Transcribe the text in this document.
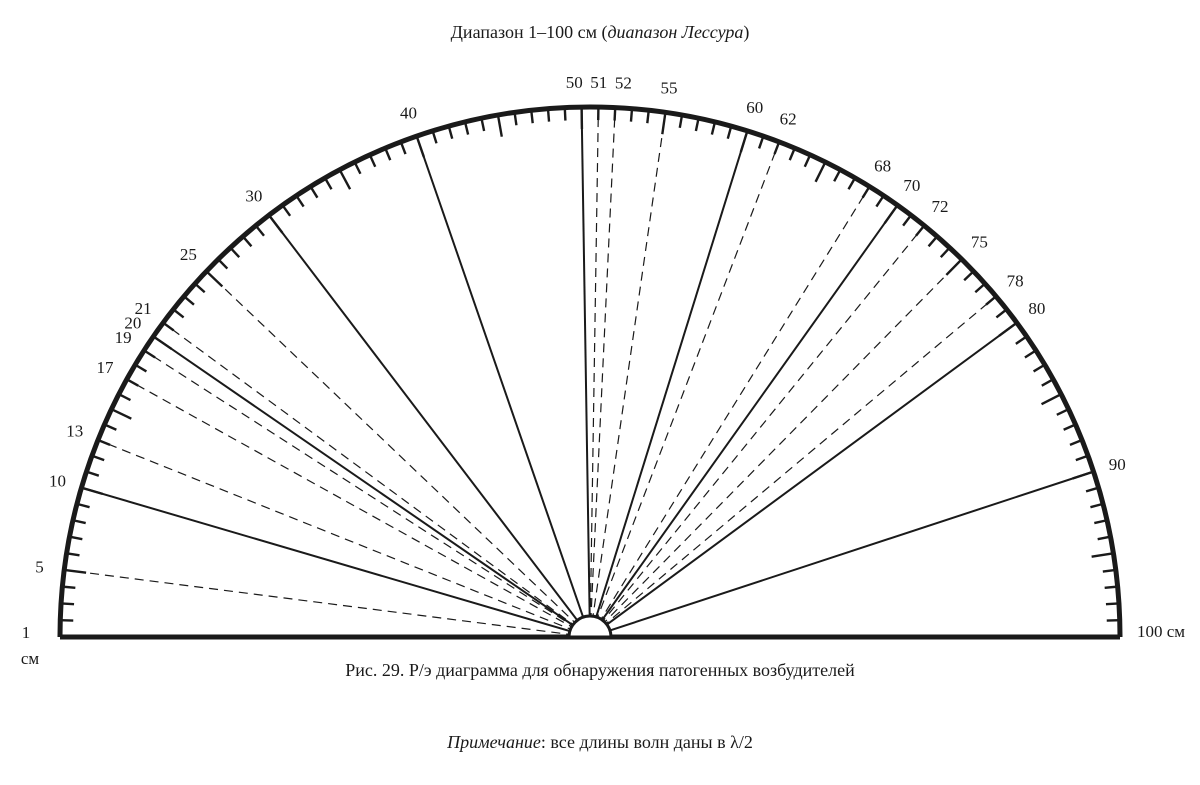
Диапазон 1–100 см (диапазон Лессура)
5
10
13
17
19
20
21
25
30
40
50 51 52 55
60
62
68
70
72
75
78
80
90
1
см
100 см
Рис. 29. Р/э диаграмма для обнаружения патогенных возбудителей
Примечание: все длины волн даны в λ/2
